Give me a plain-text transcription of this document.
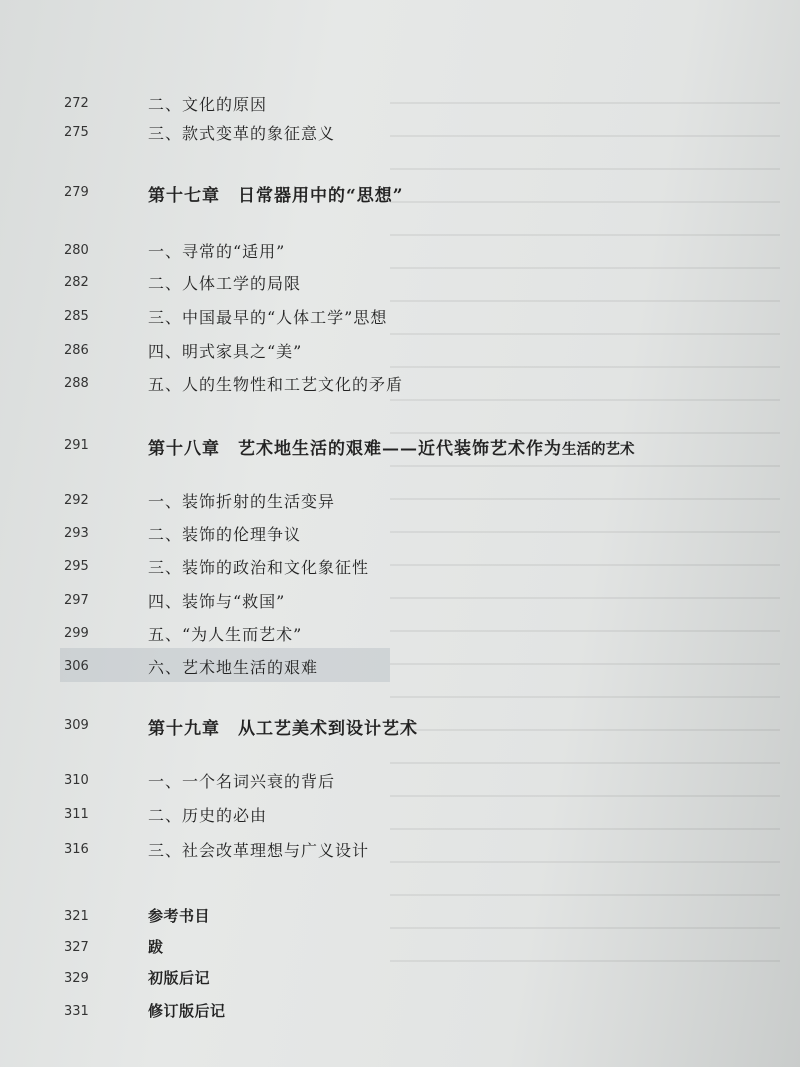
272	二、文化的原因
275	三、款式变革的象征意义
279	第十七章 日常器用中的“思想”
280	一、寻常的“适用”
282	二、人体工学的局限
285	三、中国最早的“人体工学”思想
286	四、明式家具之“美”
288	五、人的生物性和工艺文化的矛盾
291	第十八章 艺术地生活的艰难——近代装饰艺术作为生活的艺术
292	一、装饰折射的生活变异
293	二、装饰的伦理争议
295	三、装饰的政治和文化象征性
297	四、装饰与“救国”
299	五、“为人生而艺术”
306	六、艺术地生活的艰难
309	第十九章 从工艺美术到设计艺术
310	一、一个名词兴衰的背后
311	二、历史的必由
316	三、社会改革理想与广义设计
321	参考书目
327	跋
329	初版后记
331	修订版后记
